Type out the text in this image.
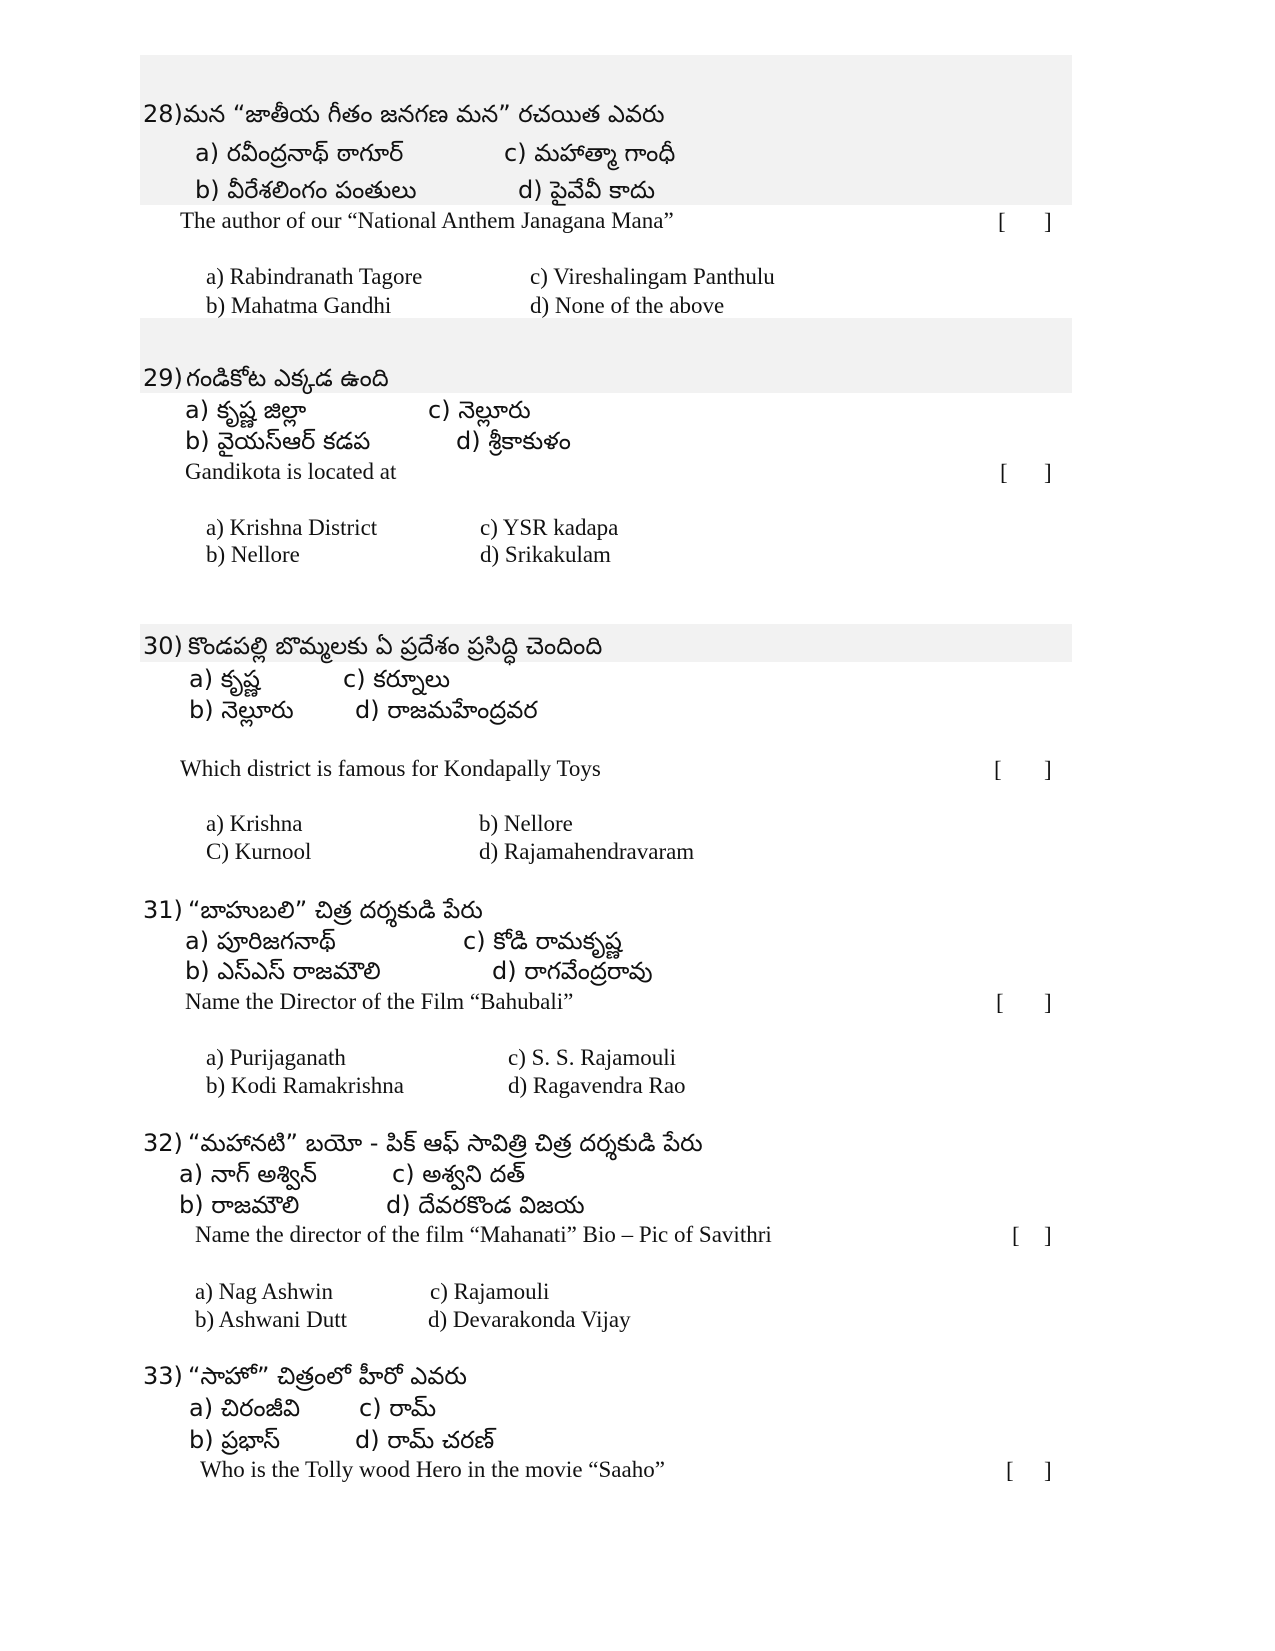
28) మన “జాతీయ గీతం జనగణ మన” రచయిత ఎవరు
a) రవీంద్రనాథ్ ఠాగూర్	c) మహాత్మా గాంధీ
b) వీరేశలింగం పంతులు	d) పైవేవీ కాదు
The author of our “National Anthem Janagana Mana”	[ ]
a) Rabindranath Tagore	c) Vireshalingam Panthulu
b) Mahatma Gandhi	d) None of the above
29) గండికోట ఎక్కడ ఉంది
a) కృష్ణ జిల్లా	c) నెల్లూరు
b) వైయస్ఆర్ కడప	d) శ్రీకాకుళం
Gandikota is located at	[ ]
a) Krishna District	c) YSR kadapa
b) Nellore	d) Srikakulam
30) కొండపల్లి బొమ్మలకు ఏ ప్రదేశం ప్రసిద్ధి చెందింది
a) కృష్ణ	c) కర్నూలు
b) నెల్లూరు	d) రాజమహేంద్రవర
Which district is famous for Kondapally Toys	[ ]
a) Krishna	b) Nellore
C) Kurnool	d) Rajamahendravaram
31) “బాహుబలి” చిత్ర దర్శకుడి పేరు
a) పూరిజగనాథ్	c) కోడి రామకృష్ణ
b) ఎస్ఎస్ రాజమౌలి	d) రాగవేంద్రరావు
Name the Director of the Film “Bahubali”	[ ]
a) Purijaganath	c) S. S. Rajamouli
b) Kodi Ramakrishna	d) Ragavendra Rao
32) “మహానటి” బయో - పిక్ ఆఫ్ సావిత్రి చిత్ర దర్శకుడి పేరు
a) నాగ్ అశ్విన్	c) అశ్వని దత్
b) రాజమౌలి	d) దేవరకొండ విజయ
Name the director of the film “Mahanati” Bio – Pic of Savithri	[ ]
a) Nag Ashwin	c) Rajamouli
b) Ashwani Dutt	d) Devarakonda Vijay
33) “సాహో” చిత్రంలో హీరో ఎవరు
a) చిరంజీవి c) రామ్
b) ప్రభాస్	d) రామ్ చరణ్
Who is the Tolly wood Hero in the movie “Saaho”	[ ]
